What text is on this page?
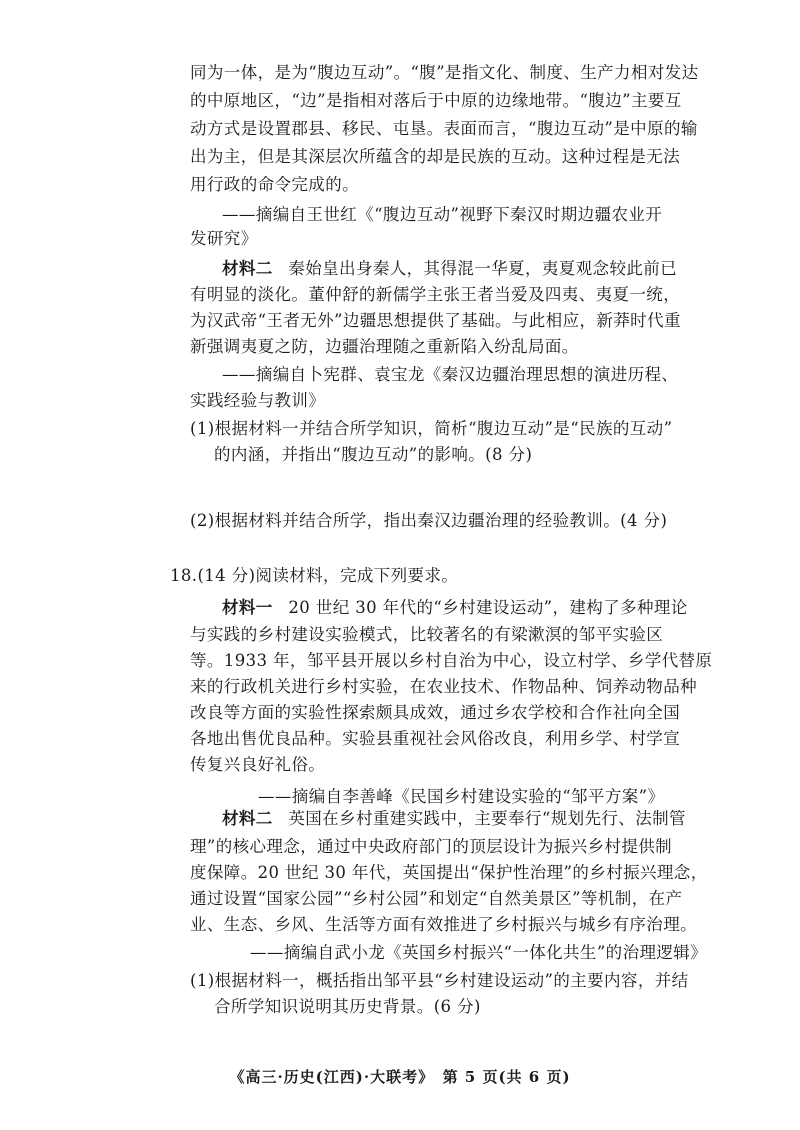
同为一体，是为“腹边互动”。“腹”是指文化、制度、生产力相对发达
的中原地区，“边”是指相对落后于中原的边缘地带。“腹边”主要互
动方式是设置郡县、移民、屯垦。表面而言，“腹边互动”是中原的输
出为主，但是其深层次所蕴含的却是民族的互动。这种过程是无法
用行政的命令完成的。
——摘编自王世红《“腹边互动”视野下秦汉时期边疆农业开
发研究》
材料二 秦始皇出身秦人，其得混一华夏，夷夏观念较此前已
有明显的淡化。董仲舒的新儒学主张王者当爱及四夷、夷夏一统，
为汉武帝“王者无外”边疆思想提供了基础。与此相应，新莽时代重
新强调夷夏之防，边疆治理随之重新陷入纷乱局面。
——摘编自卜宪群、袁宝龙《秦汉边疆治理思想的演进历程、
实践经验与教训》
(1)根据材料一并结合所学知识，简析“腹边互动”是“民族的互动”
的内涵，并指出“腹边互动”的影响。(8 分)
(2)根据材料并结合所学，指出秦汉边疆治理的经验教训。(4 分)
18.(14 分)阅读材料，完成下列要求。
材料一 20 世纪 30 年代的“乡村建设运动”，建构了多种理论
与实践的乡村建设实验模式，比较著名的有梁漱溟的邹平实验区
等。1933 年，邹平县开展以乡村自治为中心，设立村学、乡学代替原
来的行政机关进行乡村实验，在农业技术、作物品种、饲养动物品种
改良等方面的实验性探索颇具成效，通过乡农学校和合作社向全国
各地出售优良品种。实验县重视社会风俗改良，利用乡学、村学宣
传复兴良好礼俗。
——摘编自李善峰《民国乡村建设实验的“邹平方案”》
材料二 英国在乡村重建实践中，主要奉行“规划先行、法制管
理”的核心理念，通过中央政府部门的顶层设计为振兴乡村提供制
度保障。20 世纪 30 年代，英国提出“保护性治理”的乡村振兴理念，
通过设置“国家公园”“乡村公园”和划定“自然美景区”等机制，在产
业、生态、乡风、生活等方面有效推进了乡村振兴与城乡有序治理。
——摘编自武小龙《英国乡村振兴“一体化共生”的治理逻辑》
(1)根据材料一，概括指出邹平县“乡村建设运动”的主要内容，并结
合所学知识说明其历史背景。(6 分)
《高三·历史(江西)·大联考》　第 5 页(共 6 页)
